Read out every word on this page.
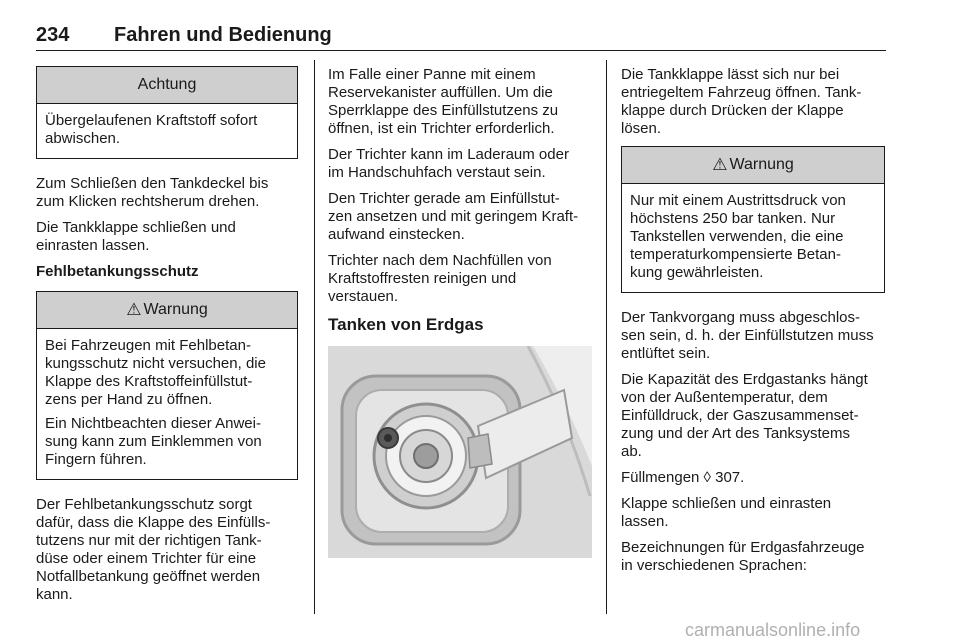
234 Fahren und Bedienung
Achtung

Übergelaufenen Kraftstoff sofort
abwischen.

Zum Schließen den Tankdeckel bis
zum Klicken rechtsherum drehen.

Die Tankklappe schließen und
einrasten lassen.

Fehlbetankungsschutz
⚠ Warnung

Bei Fahrzeugen mit Fehlbetan-
kungsschutz nicht versuchen, die
Klappe des Kraftstoffeinfüllstut-
zens per Hand zu öffnen.

Ein Nichtbeachten dieser Anwei-
sung kann zum Einklemmen von
Fingern führen.

Der Fehlbetankungsschutz sorgt
dafür, dass die Klappe des Einfülls-
tutzens nur mit der richtigen Tank-
düse oder einem Trichter für eine
Notfallbetankung geöffnet werden
kann.

Im Falle einer Panne mit einem
Reservekanister auffüllen. Um die
Sperrklappe des Einfüllstutzens zu
öffnen, ist ein Trichter erforderlich.

Der Trichter kann im Laderaum oder
im Handschuhfach verstaut sein.

Den Trichter gerade am Einfüllstut-
zen ansetzen und mit geringem Kraft-
aufwand einstecken.

Trichter nach dem Nachfüllen von
Kraftstoffresten reinigen und
verstauen.

Tanken von Erdgas

Die Tankklappe lässt sich nur bei
entriegeltem Fahrzeug öffnen. Tank-
klappe durch Drücken der Klappe
lösen.

⚠ Warnung

Nur mit einem Austrittsdruck von
höchstens 250 bar tanken. Nur
Tankstellen verwenden, die eine
temperaturkompensierte Betan-
kung gewährleisten.

Der Tankvorgang muss abgeschlos-
sen sein, d. h. der Einfüllstutzen muss
entlüftet sein.

Die Kapazität des Erdgastanks hängt
von der Außentemperatur, dem
Einfülldruck, der Gaszusammenset-
zung und der Art des Tanksystems
ab.

Füllmengen ◊ 307.

Klappe schließen und einrasten
lassen.

Bezeichnungen für Erdgasfahrzeuge
in verschiedenen Sprachen:

carmanualsonline.info
